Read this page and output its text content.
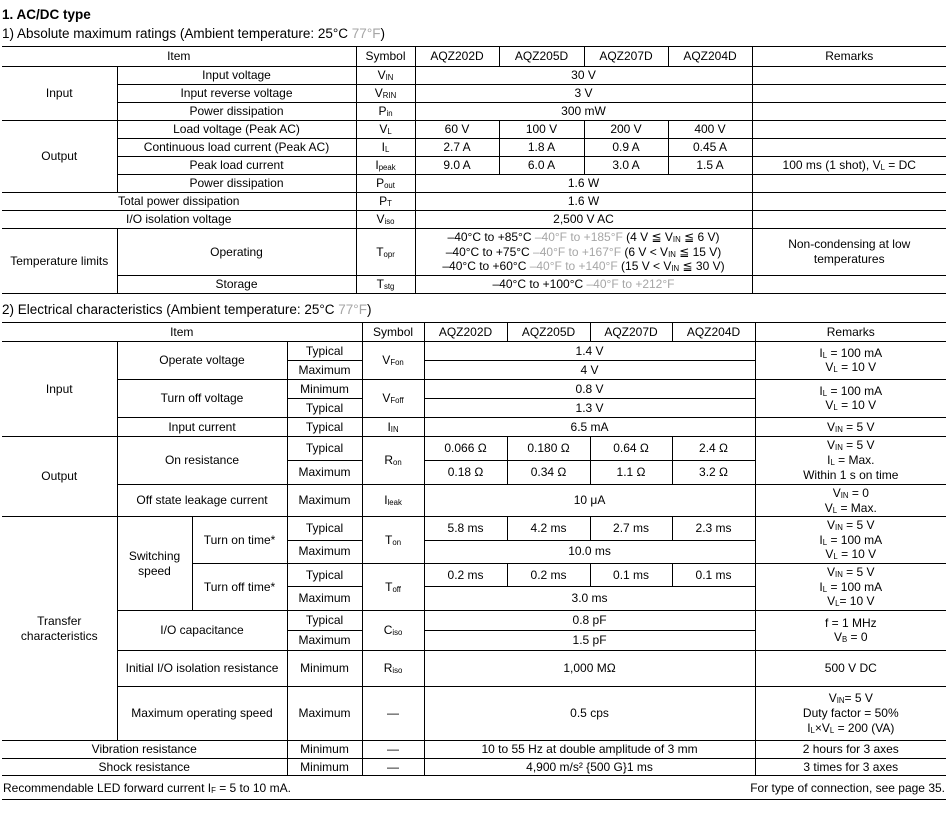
1. AC/DC type
1) Absolute maximum ratings (Ambient temperature: 25°C 77°F)
Item		Symbol	AQZ202D	AQZ205D	AQZ207D	AQZ204D	Remarks
Input	Input voltage	$V_{IN}$	30 V				
	Input reverse voltage	$V_{RIN}$	3 V				
	Power dissipation	$P_{in}$	300 mW				
Output	Load voltage (Peak AC)	$V_L$	60 V	100 V	200 V	400 V	
	Continuous load current (Peak AC)	$I_L$	2.7 A	1.8 A	0.9 A	0.45 A	
	Peak load current	$I_{peak}$	9.0 A	6.0 A	3.0 A	1.5 A	100 ms (1 shot), $V_L$ = DC
	Power dissipation	$P_{out}$	1.6 W				
Total power dissipation		$P_T$	1.6 W				
I/O isolation voltage		$V_{iso}$	2,500 V AC				
Temperature limits	Operating	$T_{opr}$	–40°C to +85°C –40°F to +185°F (4 V ≦ $V_{IN}$ ≦ 6 V)
–40°C to +75°C –40°F to +167°F (6 $V < V_{IN}$ ≦ 15 V)
–40°C to +60°C –40°F to +140°F (15 $V < V_{IN}$ ≦ 30 V)				Non-condensing at low temperatures
	Storage	$T_{stg}$	–40°C to +100°C –40°F to +212°F				
2) Electrical characteristics (Ambient temperature: 25°C 77°F)
Item				Symbol	AQZ202D	AQZ205D	AQZ207D	AQZ204D	Remarks
Input	Operate voltage		Typical	$V_{Fon}$	1.4 V				$I_L = 100$ mA
$V_L = 10$ V
			Maximum		4 V				
	Turn off voltage		Minimum	$V_{Foff}$	0.8 V				$I_L = 100$ mA
$V_L = 10$ V
			Typical		1.3 V				
	Input current		Typical	$I_{IN}$	6.5 mA				$V_{IN} = 5$ V
Output	On resistance		Typical	$R_{on}$	0.066 Ω	0.180 Ω	0.64 Ω	2.4 Ω	$V_{IN} = 5$ V
$I_L$ = Max.
Within 1 s on time
			Maximum		0.18 Ω	0.34 Ω	1.1 Ω	3.2 Ω	
	Off state leakage current		Maximum	$I_{leak}$	10 μA				$V_{IN} = 0$
$V_L$ = Max.
Transfer characteristics	Switching speed	Turn on time*	Typical	$T_{on}$	5.8 ms	4.2 ms	2.7 ms	2.3 ms	$V_{IN} = 5$ V
$I_L = 100$ mA
$V_L = 10$ V
			Maximum		10.0 ms				
		Turn off time*	Typical	$T_{off}$	0.2 ms	0.2 ms	0.1 ms	0.1 ms	$V_{IN} = 5$ V
$I_L = 100$ mA
$V_L= 10$ V
			Maximum		3.0 ms				
	I/O capacitance		Typical	$C_{iso}$	0.8 pF				f = 1 MHz
$V_B = 0$
			Maximum		1.5 pF				
	Initial I/O isolation resistance		Minimum	$R_{iso}$	1,000 MΩ				500 V DC
	Maximum operating speed		Maximum	—	0.5 cps				$V_{IN}= 5$ V
Duty factor = 50%
$I_L\times V_L = 200$ (VA)
Vibration resistance			Minimum	—	10 to 55 Hz at double amplitude of 3 mm				2 hours for 3 axes
Shock resistance			Minimum	—	4,900 m/s² {500 G}1 ms				3 times for 3 axes
Recommendable LED forward current $I_F = 5$ to 10 mA.	For type of connection, see page 35.
